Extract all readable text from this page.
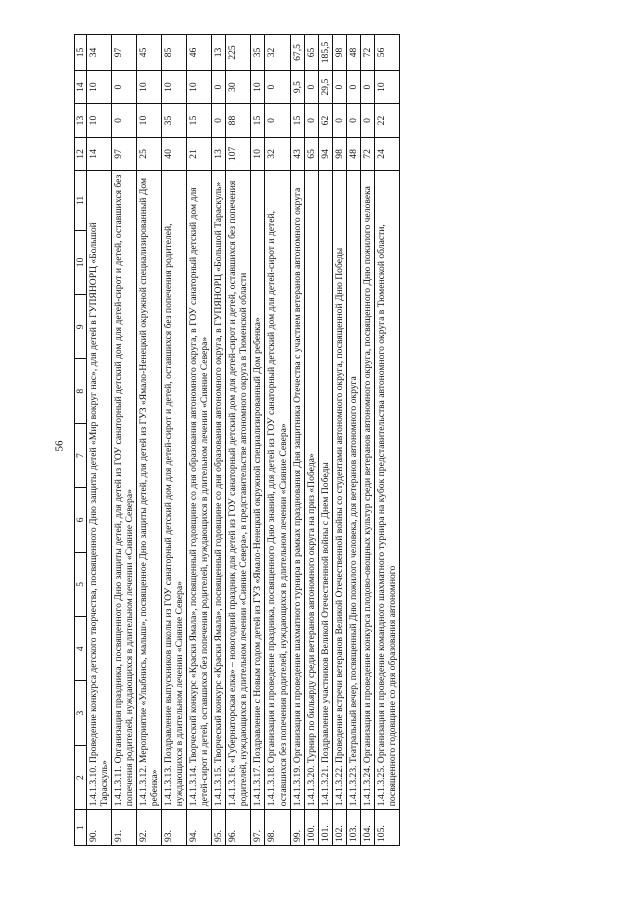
56
1	2	3	4	5	6	7	8	9	10	11	12	13	14	15
90.	1.4.1.3.10. Проведение конкурса детского творчества, посвященного Дню защиты детей «Мир вокруг нас», для детей в ГУПЯНОРЦ «Большой Тараскуль»										14	10	10	34
91.	1.4.1.3.11. Организация праздника, посвященного Дню защиты детей, для детей из ГОУ санаторный детский дом для детей-сирот и детей, оставшихся без попечения родителей, нуждающихся в длительном лечении «Сияние Севера»										97	0	0	97
92.	1.4.1.3.12. Мероприятие «Улыбнись, малыш», посвященное Дню защиты детей, для детей из ГУЗ «Ямало-Ненецкий окружной специализированный Дом ребенка»										25	10	10	45
93.	1.4.1.3.13. Поздравление выпускников школы из ГОУ санаторный детский дом для детей-сирот и детей, оставшихся без попечения родителей, нуждающихся в длительном лечении «Сияние Севера»										40	35	10	85
94.	1.4.1.3.14. Творческий конкурс «Краски Ямала», посвященный годовщине со дня образования автономного округа, в ГОУ санаторный детский дом для детей-сирот и детей, оставшихся без попечения родителей, нуждающихся в длительном лечении «Сияние Севера»										21	15	10	46
95.	1.4.1.3.15. Творческий конкурс «Краски Ямала», посвященный годовщине со дня образования автономного округа, в ГУПЯНОРЦ «Большой Тараскуль»										13	0	0	13
96.	1.4.1.3.16. «Губернаторская елка» – новогодний праздник для детей из ГОУ санаторный детский дом для детей-сирот и детей, оставшихся без попечения родителей, нуждающихся в длительном лечении «Сияние Севера», в представительстве автономного округа в Тюменской области										107	88	30	225
97.	1.4.1.3.17. Поздравление с Новым годом детей из ГУЗ «Ямало-Ненецкий окружной специализированный Дом ребенка»										10	15	10	35
98.	1.4.1.3.18. Организация и проведение праздника, посвященного Дню знаний, для детей из ГОУ санаторный детский дом для детей-сирот и детей, оставшихся без попечения родителей, нуждающихся в длительном лечении «Сияние Севера»										32	0	0	32
99.	1.4.1.3.19. Организация и проведение шахматного турнира в рамках празднования Дня защитника Отечества с участием ветеранов автономного округа										43	15	9,5	67,5
100.	1.4.1.3.20. Турнир по бильярду среди ветеранов автономного округа на приз «Победа»										65	0	0	65
101.	1.4.1.3.21. Поздравление участников Великой Отечественной войны с Днем Победы										94	62	29,5	185,5
102.	1.4.1.3.22. Проведение встречи ветеранов Великой Отечественной войны со студентами автономного округа, посвященной Дню Победы										98	0	0	98
103.	1.4.1.3.23. Театральный вечер, посвященный Дню пожилого человека, для ветеранов автономного округа										48	0	0	48
104.	1.4.1.3.24. Организация и проведение конкурса плодово-овощных культур среди ветеранов автономного округа, посвященного Дню пожилого человека										72	0	0	72
105.	1.4.1.3.25. Организация и проведение командного шахматного турнира на кубок представительства автономного округа в Тюменской области, посвященного годовщине со дня образования автономного										24	22	10	56
